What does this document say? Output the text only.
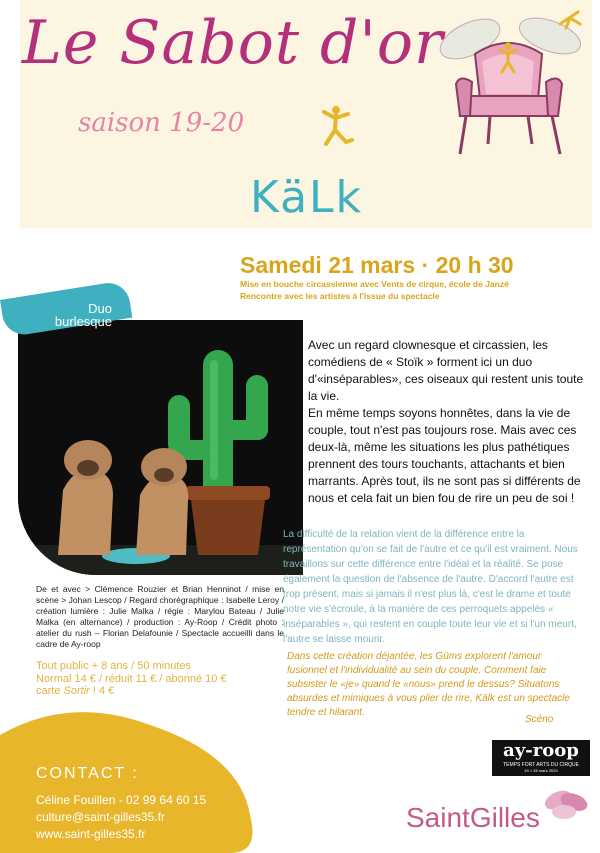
Le Sabot d'or
saison 19-20
KäLk
Samedi 21 mars · 20 h 30
Mise en bouche circassienne avec Vents de cirque, école de Janzé
Rencontre avec les artistes à l'issue du spectacle
Duo
burlesque

Avec un regard clownesque et circassien, les comédiens de « Stoïk » forment ici un duo d'«inséparables», ces oiseaux qui restent unis toute la vie.

En même temps soyons honnêtes, dans la vie de couple, tout n'est pas toujours rose. Mais avec ces deux-là, même les situations les plus pathétiques prennent des tours touchants, attachants et bien marrants. Après tout, ils ne sont pas si différents de nous et cela fait un bien fou de rire un peu de soi !

La difficulté de la relation vient de la différence entre la représentation qu'on se fait de l'autre et ce qu'il est vraiment. Nous travaillons sur cette différence entre l'idéal et la réalité. Se pose également la question de l'absence de l'autre. D'accord l'autre est trop présent, mais si jamais il n'est plus là, c'est le drame et toute notre vie s'écroule, à la manière de ces perroquets appelés « inséparables », qui restent en couple toute leur vie et si l'un meurt, l'autre se laisse mourir.
Dans cette création déjantée, les Güms explorent l'amour fusionnel et l'individualité au sein du couple. Comment faie subsister le «je» quand le «nous» prend le dessus? Situatons absurdes et mimiques à vous plier de rire, Kälk est un spectacle tendre et hilarant.
Scéno
De et avec > Clémence Rouzier et Brian Henninot / mise en scène > Johan Lescop / Regard chorégraphique : Isabelle Leroy / création lumière : Julie Malka / régie : Marylou Bateau / Julie Malka (en alternance) / production : Ay-Roop / Crédit photo : atelier du rush – Florian Delafounie / Spectacle accueilli dans le cadre de Ay-roop
Tout public + 8 ans / 50 minutes
Normal 14 € / réduit 11 € / abonné 10 €
carte Sortir ! 4 €
CONTACT :
Céline Fouillen - 02 99 64 60 15
culture@saint-gilles35.fr
www.saint-gilles35.fr
ay-roop
TEMPS FORT ARTS DU CIRQUE
19 > 28 mars 2020
SaintGilles
